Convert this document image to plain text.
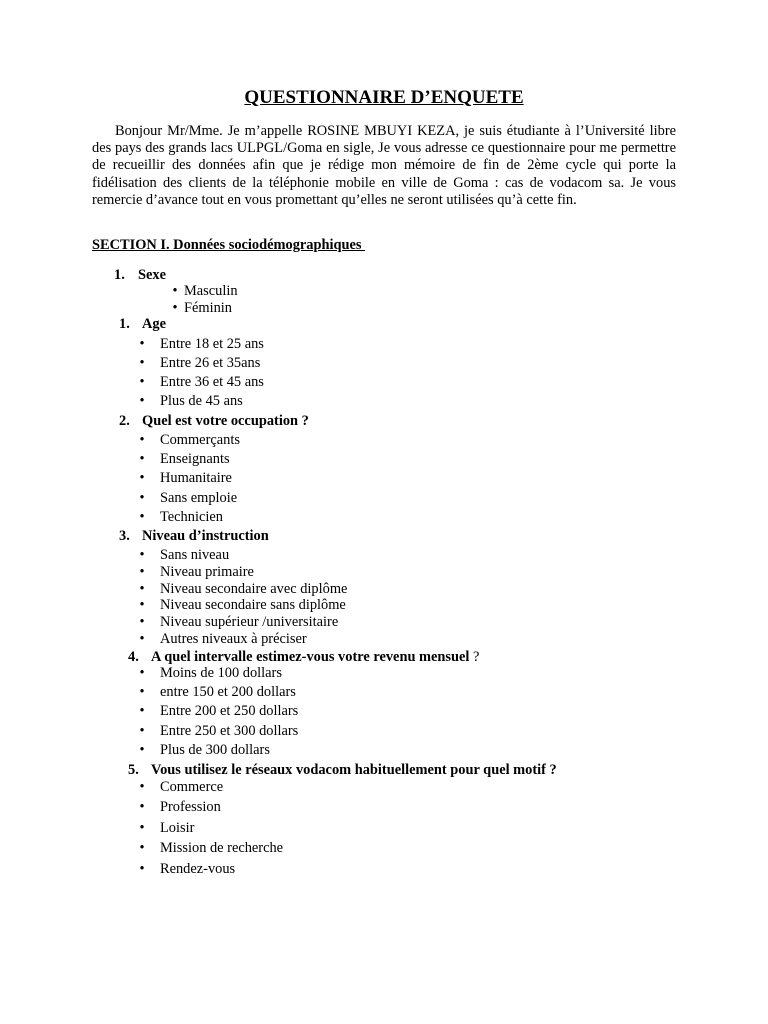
QUESTIONNAIRE D’ENQUETE

Bonjour Mr/Mme. Je m’appelle ROSINE MBUYI KEZA, je suis étudiante à l’Université libre des pays des grands lacs ULPGL/Goma en sigle, Je vous adresse ce questionnaire pour me permettre de recueillir des données afin que je rédige mon mémoire de fin de 2ème cycle qui porte la fidélisation des clients de la téléphonie mobile en ville de Goma : cas de vodacom sa. Je vous remercie d’avance tout en vous promettant qu’elles ne seront utilisées qu’à cette fin.

SECTION I. Données sociodémographiques
1. Sexe
• Masculin
• Féminin
1. Age
• Entre 18 et 25 ans
• Entre 26 et 35ans
• Entre 36 et 45 ans
• Plus de 45 ans
2. Quel est votre occupation ?
• Commerçants
• Enseignants
• Humanitaire
• Sans emploie
• Technicien
3. Niveau d’instruction
• Sans niveau
• Niveau primaire
• Niveau secondaire avec diplôme
• Niveau secondaire sans diplôme
• Niveau supérieur /universitaire
• Autres niveaux à préciser
4. A quel intervalle estimez-vous votre revenu mensuel ?
• Moins de 100 dollars
• entre 150 et 200 dollars
• Entre 200 et 250 dollars
• Entre 250 et 300 dollars
• Plus de 300 dollars
5. Vous utilisez le réseaux vodacom habituellement pour quel motif ?
• Commerce
• Profession
• Loisir
• Mission de recherche
• Rendez-vous
